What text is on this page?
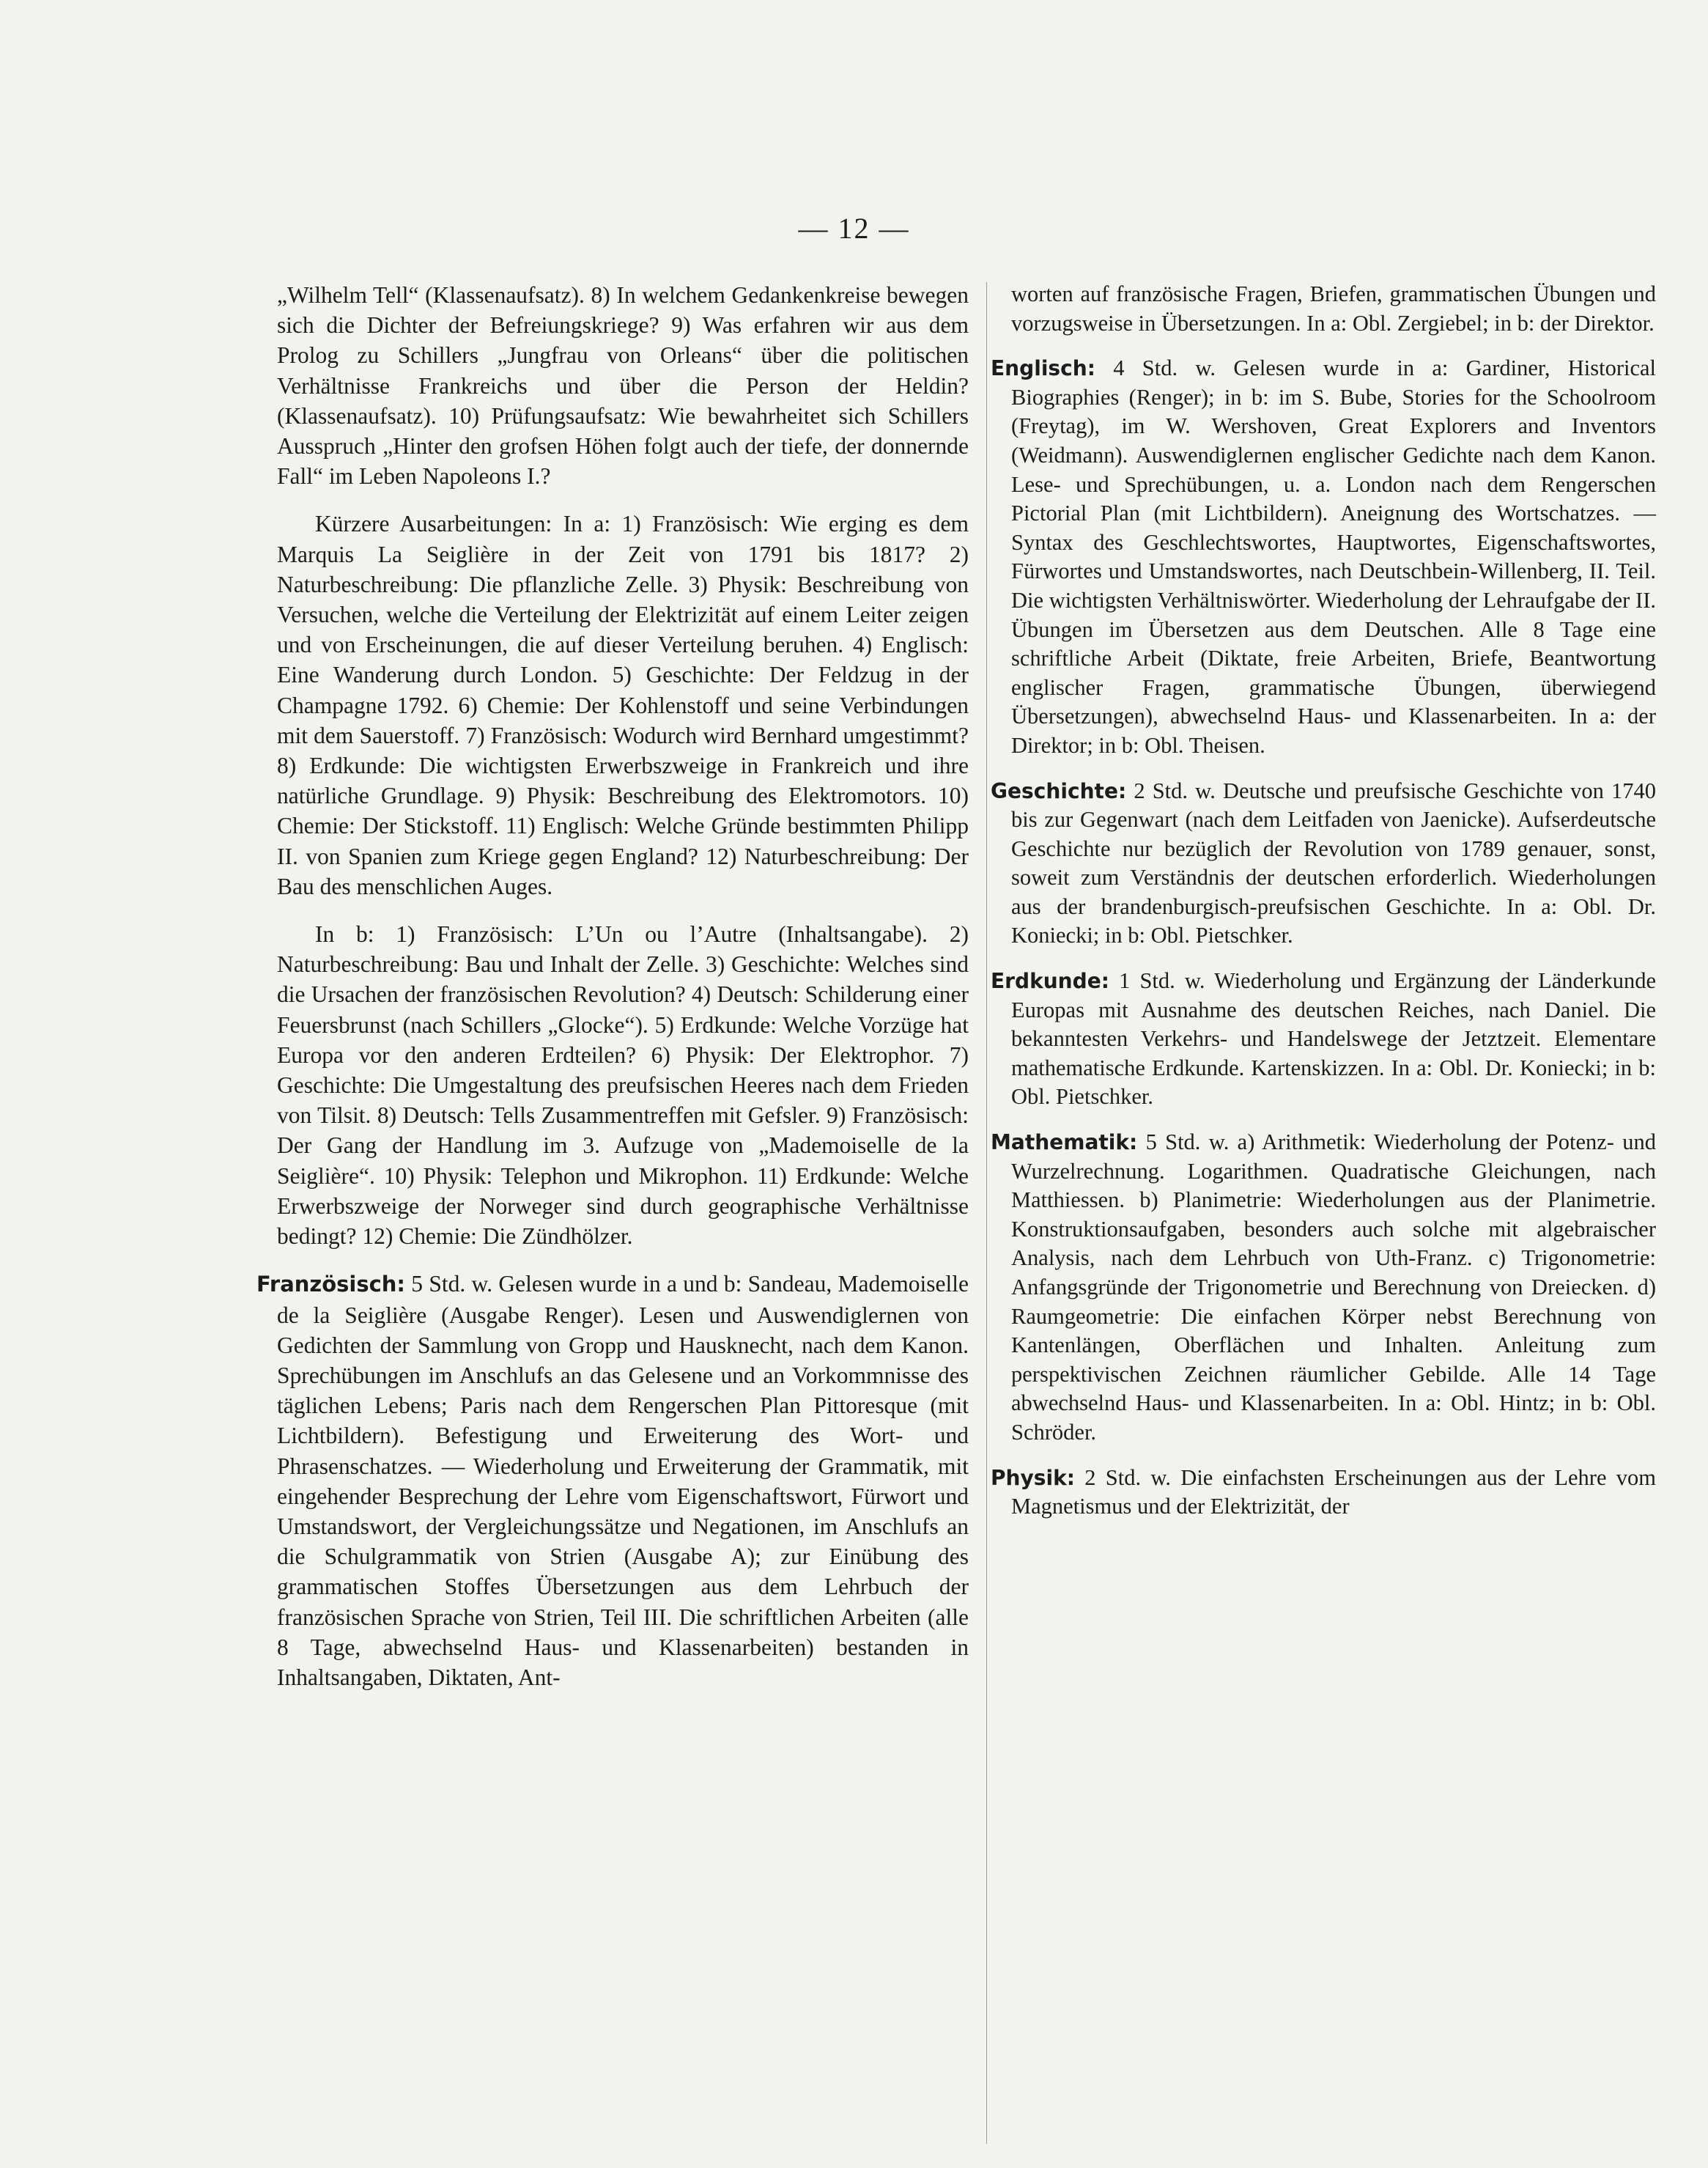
— 12 —

„Wilhelm Tell“ (Klassenaufsatz). 8) In welchem Gedankenkreise bewegen sich die Dichter der Befreiungskriege? 9) Was erfahren wir aus dem Prolog zu Schillers „Jungfrau von Orleans“ über die politischen Verhältnisse Frankreichs und über die Person der Heldin? (Klassenaufsatz). 10) Prüfungsaufsatz: Wie bewahrheitet sich Schillers Ausspruch „Hinter den grofsen Höhen folgt auch der tiefe, der donnernde Fall“ im Leben Napoleons I.?

Kürzere Ausarbeitungen: In a: 1) Französisch: Wie erging es dem Marquis La Seiglière in der Zeit von 1791 bis 1817? 2) Naturbeschreibung: Die pflanzliche Zelle. 3) Physik: Beschreibung von Versuchen, welche die Verteilung der Elektrizität auf einem Leiter zeigen und von Erscheinungen, die auf dieser Verteilung beruhen. 4) Englisch: Eine Wanderung durch London. 5) Geschichte: Der Feldzug in der Champagne 1792. 6) Chemie: Der Kohlenstoff und seine Verbindungen mit dem Sauerstoff. 7) Französisch: Wodurch wird Bernhard umgestimmt? 8) Erdkunde: Die wichtigsten Erwerbszweige in Frankreich und ihre natürliche Grundlage. 9) Physik: Beschreibung des Elektromotors. 10) Chemie: Der Stickstoff. 11) Englisch: Welche Gründe bestimmten Philipp II. von Spanien zum Kriege gegen England? 12) Naturbeschreibung: Der Bau des menschlichen Auges.

In b: 1) Französisch: L’Un ou l’Autre (Inhaltsangabe). 2) Naturbeschreibung: Bau und Inhalt der Zelle. 3) Geschichte: Welches sind die Ursachen der französischen Revolution? 4) Deutsch: Schilderung einer Feuersbrunst (nach Schillers „Glocke“). 5) Erdkunde: Welche Vorzüge hat Europa vor den anderen Erdteilen? 6) Physik: Der Elektrophor. 7) Geschichte: Die Umgestaltung des preufsischen Heeres nach dem Frieden von Tilsit. 8) Deutsch: Tells Zusammentreffen mit Gefsler. 9) Französisch: Der Gang der Handlung im 3. Aufzuge von „Mademoiselle de la Seiglière“. 10) Physik: Telephon und Mikrophon. 11) Erdkunde: Welche Erwerbszweige der Norweger sind durch geographische Verhältnisse bedingt? 12) Chemie: Die Zündhölzer.

Französisch: 5 Std. w. Gelesen wurde in a und b: Sandeau, Mademoiselle de la Seiglière (Ausgabe Renger). Lesen und Auswendiglernen von Gedichten der Sammlung von Gropp und Hausknecht, nach dem Kanon. Sprechübungen im Anschlufs an das Gelesene und an Vorkommnisse des täglichen Lebens; Paris nach dem Rengerschen Plan Pittoresque (mit Lichtbildern). Befestigung und Erweiterung des Wort- und Phrasenschatzes. — Wiederholung und Erweiterung der Grammatik, mit eingehender Besprechung der Lehre vom Eigenschaftswort, Fürwort und Umstandswort, der Vergleichungssätze und Negationen, im Anschlufs an die Schulgrammatik von Strien (Ausgabe A); zur Einübung des grammatischen Stoffes Übersetzungen aus dem Lehrbuch der französischen Sprache von Strien, Teil III. Die schriftlichen Arbeiten (alle 8 Tage, abwechselnd Haus- und Klassenarbeiten) bestanden in Inhaltsangaben, Diktaten, Ant-

worten auf französische Fragen, Briefen, grammatischen Übungen und vorzugsweise in Übersetzungen. In a: Obl. Zergiebel; in b: der Direktor.

Englisch: 4 Std. w. Gelesen wurde in a: Gardiner, Historical Biographies (Renger); in b: im S. Bube, Stories for the Schoolroom (Freytag), im W. Wershoven, Great Explorers and Inventors (Weidmann). Auswendiglernen englischer Gedichte nach dem Kanon. Lese- und Sprechübungen, u. a. London nach dem Rengerschen Pictorial Plan (mit Lichtbildern). Aneignung des Wortschatzes. — Syntax des Geschlechtswortes, Hauptwortes, Eigenschaftswortes, Fürwortes und Umstandswortes, nach Deutschbein-Willenberg, II. Teil. Die wichtigsten Verhältniswörter. Wiederholung der Lehraufgabe der II. Übungen im Übersetzen aus dem Deutschen. Alle 8 Tage eine schriftliche Arbeit (Diktate, freie Arbeiten, Briefe, Beantwortung englischer Fragen, grammatische Übungen, überwiegend Übersetzungen), abwechselnd Haus- und Klassenarbeiten. In a: der Direktor; in b: Obl. Theisen.

Geschichte: 2 Std. w. Deutsche und preufsische Geschichte von 1740 bis zur Gegenwart (nach dem Leitfaden von Jaenicke). Aufserdeutsche Geschichte nur bezüglich der Revolution von 1789 genauer, sonst, soweit zum Verständnis der deutschen erforderlich. Wiederholungen aus der brandenburgisch-preufsischen Geschichte. In a: Obl. Dr. Koniecki; in b: Obl. Pietschker.

Erdkunde: 1 Std. w. Wiederholung und Ergänzung der Länderkunde Europas mit Ausnahme des deutschen Reiches, nach Daniel. Die bekanntesten Verkehrs- und Handelswege der Jetztzeit. Elementare mathematische Erdkunde. Kartenskizzen. In a: Obl. Dr. Koniecki; in b: Obl. Pietschker.

Mathematik: 5 Std. w. a) Arithmetik: Wiederholung der Potenz- und Wurzelrechnung. Logarithmen. Quadratische Gleichungen, nach Matthiessen. b) Planimetrie: Wiederholungen aus der Planimetrie. Konstruktionsaufgaben, besonders auch solche mit algebraischer Analysis, nach dem Lehrbuch von Uth-Franz. c) Trigonometrie: Anfangsgründe der Trigonometrie und Berechnung von Dreiecken. d) Raumgeometrie: Die einfachen Körper nebst Berechnung von Kantenlängen, Oberflächen und Inhalten. Anleitung zum perspektivischen Zeichnen räumlicher Gebilde. Alle 14 Tage abwechselnd Haus- und Klassenarbeiten. In a: Obl. Hintz; in b: Obl. Schröder.

Physik: 2 Std. w. Die einfachsten Erscheinungen aus der Lehre vom Magnetismus und der Elektrizität, der
